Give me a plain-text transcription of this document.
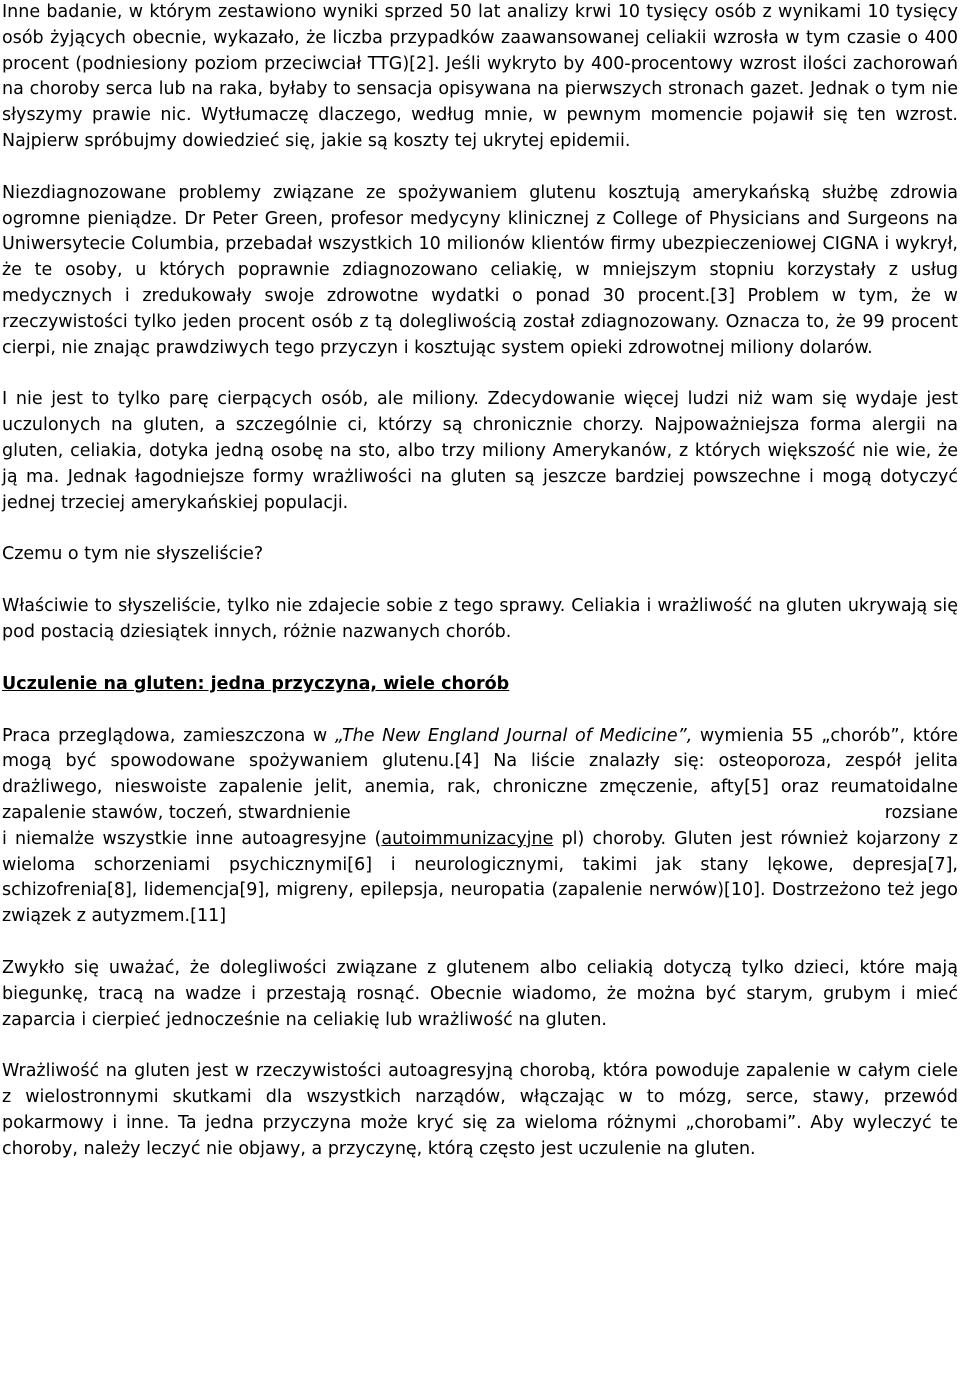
Inne badanie, w którym zestawiono wyniki sprzed 50 lat analizy krwi 10 tysięcy osób z wynikami 10 tysięcy osób żyjących obecnie, wykazało, że liczba przypadków zaawansowanej celiakii wzrosła w tym czasie o 400 procent (podniesiony poziom przeciwciał TTG)[2]. Jeśli wykryto by 400-procentowy wzrost ilości zachorowań na choroby serca lub na raka, byłaby to sensacja opisywana na pierwszych stronach gazet. Jednak o tym nie słyszymy prawie nic. Wytłumaczę dlaczego, według mnie, w pewnym momencie pojawił się ten wzrost. Najpierw spróbujmy dowiedzieć się, jakie są koszty tej ukrytej epidemii.

Niezdiagnozowane problemy związane ze spożywaniem glutenu kosztują amerykańską służbę zdrowia ogromne pieniądze. Dr Peter Green, profesor medycyny klinicznej z College of Physicians and Surgeons na Uniwersytecie Columbia, przebadał wszystkich 10 milionów klientów firmy ubezpieczeniowej CIGNA i wykrył, że te osoby, u których poprawnie zdiagnozowano celiakię, w mniejszym stopniu korzystały z usług medycznych i zredukowały swoje zdrowotne wydatki o ponad 30 procent.[3] Problem w tym, że w rzeczywistości tylko jeden procent osób z tą dolegliwością został zdiagnozowany. Oznacza to, że 99 procent cierpi, nie znając prawdziwych tego przyczyn i kosztując system opieki zdrowotnej miliony dolarów.

I nie jest to tylko parę cierpących osób, ale miliony. Zdecydowanie więcej ludzi niż wam się wydaje jest uczulonych na gluten, a szczególnie ci, którzy są chronicznie chorzy. Najpoważniejsza forma alergii na gluten, celiakia, dotyka jedną osobę na sto, albo trzy miliony Amerykanów, z których większość nie wie, że ją ma. Jednak łagodniejsze formy wrażliwości na gluten są jeszcze bardziej powszechne i mogą dotyczyć jednej trzeciej amerykańskiej populacji.

Czemu o tym nie słyszeliście?

Właściwie to słyszeliście, tylko nie zdajecie sobie z tego sprawy. Celiakia i wrażliwość na gluten ukrywają się pod postacią dziesiątek innych, różnie nazwanych chorób.

Uczulenie na gluten: jedna przyczyna, wiele chorób

Praca przeglądowa, zamieszczona w „The New England Journal of Medicine”, wymienia 55 „chorób”, które mogą być spowodowane spożywaniem glutenu.[4] Na liście znalazły się: osteoporoza, zespół jelita drażliwego, nieswoiste zapalenie jelit, anemia, rak, chroniczne zmęczenie, afty[5] oraz reumatoidalne zapalenie stawów, toczeń, stwardnienie	rozsiane

i niemalże wszystkie inne autoagresyjne (autoimmunizacyjne pl) choroby. Gluten jest również kojarzony z wieloma schorzeniami psychicznymi[6] i neurologicznymi, takimi jak stany lękowe, depresja[7], schizofrenia[8], lidemencja[9], migreny, epilepsja, neuropatia (zapalenie nerwów)[10]. Dostrzeżono też jego związek z autyzmem.[11]

Zwykło się uważać, że dolegliwości związane z glutenem albo celiakią dotyczą tylko dzieci, które mają biegunkę, tracą na wadze i przestają rosnąć. Obecnie wiadomo, że można być starym, grubym i mieć zaparcia i cierpieć jednocześnie na celiakię lub wrażliwość na gluten.

Wrażliwość na gluten jest w rzeczywistości autoagresyjną chorobą, która powoduje zapalenie w całym ciele z wielostronnymi skutkami dla wszystkich narządów, włączając w to mózg, serce, stawy, przewód pokarmowy i inne. Ta jedna przyczyna może kryć się za wieloma różnymi „chorobami”. Aby wyleczyć te choroby, należy leczyć nie objawy, a przyczynę, którą często jest uczulenie na gluten.
